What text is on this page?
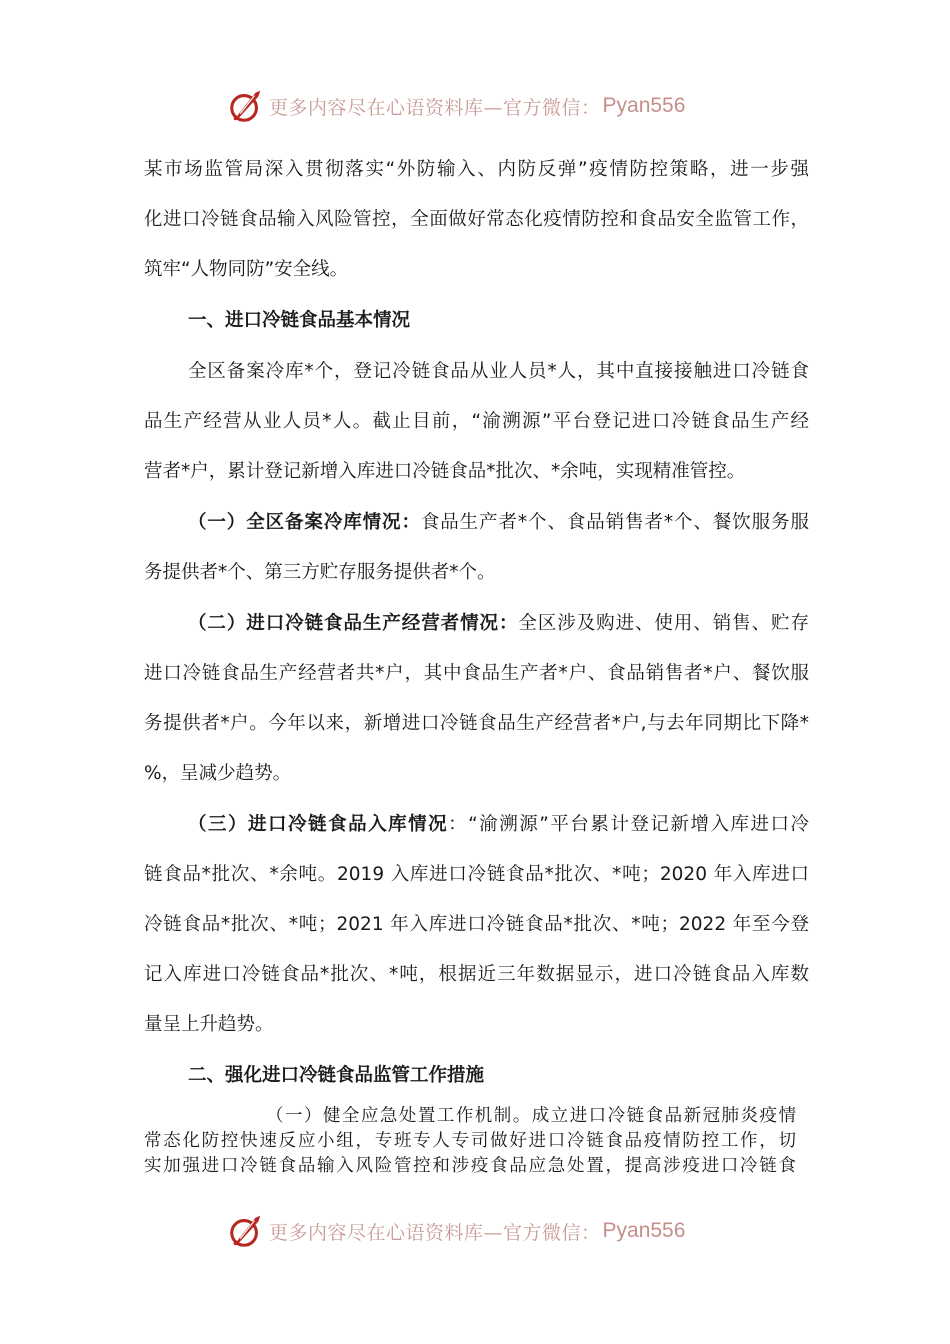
更多内容尽在心语资料库—官方微信： Pyan556
某市场监管局深入贯彻落实“外防输入、内防反弹”疫情防控策略，进一步强
化进口冷链食品输入风险管控，全面做好常态化疫情防控和食品安全监管工作，
筑牢“人物同防”安全线。
一、进口冷链食品基本情况
全区备案冷库*个，登记冷链食品从业人员*人，其中直接接触进口冷链食
品生产经营从业人员*人。截止目前，“渝溯源”平台登记进口冷链食品生产经
营者*户，累计登记新增入库进口冷链食品*批次、*余吨，实现精准管控。
（一）全区备案冷库情况：食品生产者*个、食品销售者*个、餐饮服务服
务提供者*个、第三方贮存服务提供者*个。
（二）进口冷链食品生产经营者情况：全区涉及购进、使用、销售、贮存
进口冷链食品生产经营者共*户，其中食品生产者*户、食品销售者*户、餐饮服
务提供者*户。今年以来，新增进口冷链食品生产经营者*户,与去年同期比下降*
%，呈减少趋势。
（三）进口冷链食品入库情况：“渝溯源”平台累计登记新增入库进口冷
链食品*批次、*余吨。2019 入库进口冷链食品*批次、*吨；2020 年入库进口
冷链食品*批次、*吨；2021 年入库进口冷链食品*批次、*吨；2022 年至今登
记入库进口冷链食品*批次、*吨，根据近三年数据显示，进口冷链食品入库数
量呈上升趋势。
二、强化进口冷链食品监管工作措施
（一）健全应急处置工作机制。成立进口冷链食品新冠肺炎疫情
常态化防控快速反应小组，专班专人专司做好进口冷链食品疫情防控工作，切
实加强进口冷链食品输入风险管控和涉疫食品应急处置，提高涉疫进口冷链食
更多内容尽在心语资料库—官方微信： Pyan556
